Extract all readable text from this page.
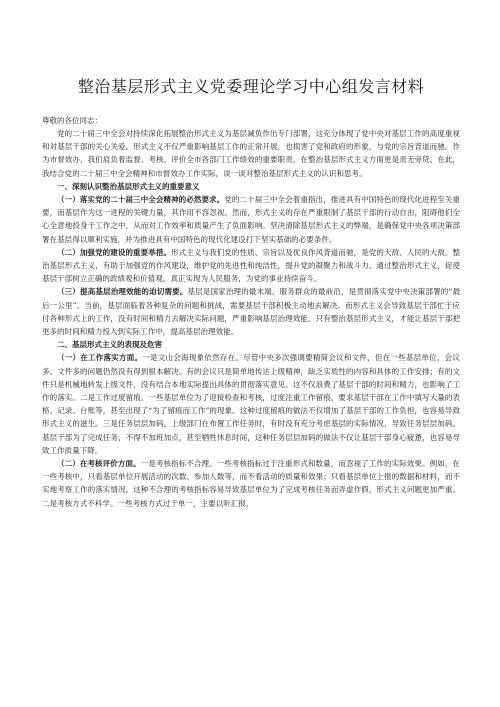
整治基层形式主义党委理论学习中心组发言材料

尊敬的各位同志：

党的二十届三中全会对持续深化拓展整治形式主义为基层减负作出专门部署，这充分体现了党中央对基层工作的高度重视和对基层干部的关心关爱。形式主义不仅严重影响基层工作的正常开展，也损害了党和政府的形象，与党的宗旨背道而驰。作为市督效办，我们肩负着监督、考核、评价全市各部门工作绩效的重要职责，在整治基层形式主义方面更是责无旁贷。在此，我结合党的二十届三中全会精神和市督效办工作实际，谈一谈对整治基层形式主义的认识和思考。

一、深刻认识整治基层形式主义的重要意义

（一）落实党的二十届三中全会精神的必然要求。党的二十届三中全会着重指出，推进具有中国特色的现代化进程至关重要，而基层作为这一进程的关键力量，其作用不容忽视。然而，形式主义的存在严重限制了基层干部的行动自由，阻碍他们全心全意地投身于工作之中，从而对工作效率和质量产生了负面影响。坚决清除基层形式主义的弊端，是确保党中央各项决策部署在基层得以顺利实施，并为推进具有中国特色的现代化建设打下坚实基础的必要条件。

（二）加强党的建设的重要举措。形式主义与我们党的性质、宗旨以及优良作风背道而驰，是党的大敌、人民的大敌。整治基层形式主义，有助于加强党的作风建设，维护党的先进性和纯洁性，提升党的凝聚力和战斗力。通过整治形式主义，促使基层干部树立正确的政绩观和价值观，真正实现为人民服务，为党的事业持续奋斗。

（三）提高基层治理效能的迫切需要。基层是国家治理的最末端、服务群众的最前沿，是贯彻落实党中央决策部署的“最后一公里”。当前，基层面临着各种复杂的问题和挑战，需要基层干部积极主动地去解决。而形式主义会导致基层干部忙于应付各种形式上的工作，没有时间和精力去解决实际问题，严重影响基层治理效能。只有整治基层形式主义，才能让基层干部把更多的时间和精力投入到实际工作中，提高基层治理效能。

二、基层形式主义的表现及危害

（一）在工作落实方面。一是文山会海现象依然存在。尽管中央多次强调要精简会议和文件，但在一些基层单位，会议多、文件多的问题仍然没有得到根本解决。有的会议只是简单地传达上级精神，缺乏实质性的内容和具体的工作安排；有的文件只是机械地转发上级文件，没有结合本地实际提出具体的贯彻落实意见。这不仅浪费了基层干部的时间和精力，也影响了工作的落实。二是工作过度留痕。一些基层单位为了迎接检查和考核，过度注重工作留痕，要求基层干部在工作中填写大量的表格、记录、台账等，甚至出现了“为了留痕而工作”的现象。这种过度留痕的做法不仅增加了基层干部的工作负担，也容易导致形式主义的滋生。三是任务层层加码。上级部门在布置工作任务时，有时没有充分考虑基层的实际情况，导致任务层层加码。基层干部为了完成任务，不得不加班加点，甚至牺牲休息时间，这种任务层层加码的做法不仅让基层干部身心疲惫，也容易导致工作质量下降。

（二）在考核评价方面。一是考核指标不合理。一些考核指标过于注重形式和数量，而忽视了工作的实际效果。例如，在一些考核中，只看基层单位开展活动的次数、参加人数等，而不看活动的质量和效果；只看基层单位上报的数据和材料，而不实地考察工作的落实情况。这种不合理的考核指标容易导致基层单位为了完成考核任务而弄虚作假，形式主义问题更加严重。二是考核方式不科学。一些考核方式过于单一，主要以听汇报、
